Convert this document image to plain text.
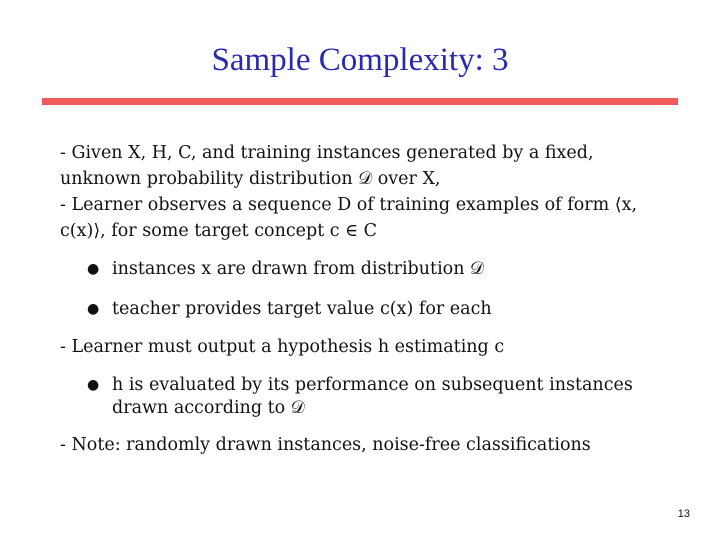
Sample Complexity: 3

- Given X, H, C, and training instances generated by a fixed, unknown probability distribution 𝒟 over X,

- Learner observes a sequence D of training examples of form ⟨x, c(x)⟩, for some target concept c ∈ C

● instances x are drawn from distribution 𝒟
● teacher provides target value c(x) for each

- Learner must output a hypothesis h estimating c

● h is evaluated by its performance on subsequent instances drawn according to 𝒟

- Note: randomly drawn instances, noise-free classifications

13
